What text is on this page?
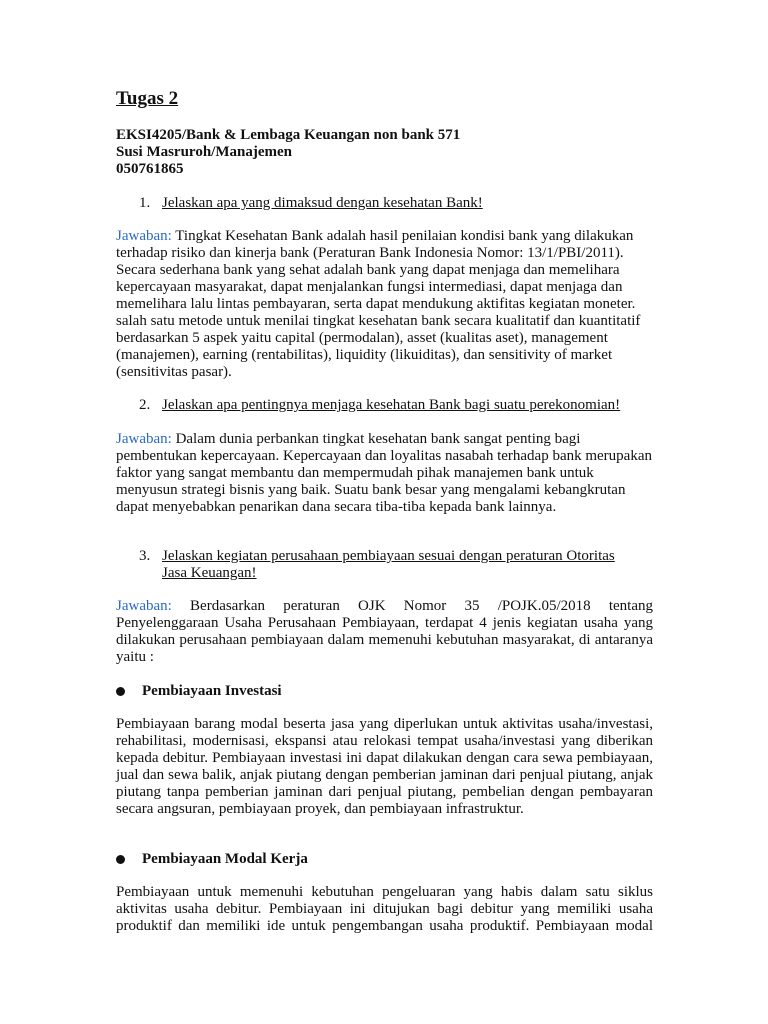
Tugas 2
EKSI4205/Bank & Lembaga Keuangan non bank 571
Susi Masruroh/Manajemen
050761865
1. Jelaskan apa yang dimaksud dengan kesehatan Bank!

Jawaban: Tingkat Kesehatan Bank adalah hasil penilaian kondisi bank yang dilakukan terhadap risiko dan kinerja bank (Peraturan Bank Indonesia Nomor: 13/1/PBI/2011). Secara sederhana bank yang sehat adalah bank yang dapat menjaga dan memelihara kepercayaan masyarakat, dapat menjalankan fungsi intermediasi, dapat menjaga dan memelihara lalu lintas pembayaran, serta dapat mendukung aktifitas kegiatan moneter. salah satu metode untuk menilai tingkat kesehatan bank secara kualitatif dan kuantitatif berdasarkan 5 aspek yaitu capital (permodalan), asset (kualitas aset), management (manajemen), earning (rentabilitas), liquidity (likuiditas), dan sensitivity of market (sensitivitas pasar).

2. Jelaskan apa pentingnya menjaga kesehatan Bank bagi suatu perekonomian!

Jawaban: Dalam dunia perbankan tingkat kesehatan bank sangat penting bagi pembentukan kepercayaan. Kepercayaan dan loyalitas nasabah terhadap bank merupakan faktor yang sangat membantu dan mempermudah pihak manajemen bank untuk menyusun strategi bisnis yang baik. Suatu bank besar yang mengalami kebangkrutan dapat menyebabkan penarikan dana secara tiba-tiba kepada bank lainnya.

3. Jelaskan kegiatan perusahaan pembiayaan sesuai dengan peraturan Otoritas Jasa Keuangan!

Jawaban: Berdasarkan peraturan OJK Nomor 35 /POJK.05/2018 tentang Penyelenggaraan Usaha Perusahaan Pembiayaan, terdapat 4 jenis kegiatan usaha yang dilakukan perusahaan pembiayaan dalam memenuhi kebutuhan masyarakat, di antaranya yaitu :

Pembiayaan Investasi

Pembiayaan barang modal beserta jasa yang diperlukan untuk aktivitas usaha/investasi, rehabilitasi, modernisasi, ekspansi atau relokasi tempat usaha/investasi yang diberikan kepada debitur. Pembiayaan investasi ini dapat dilakukan dengan cara sewa pembiayaan, jual dan sewa balik, anjak piutang dengan pemberian jaminan dari penjual piutang, anjak piutang tanpa pemberian jaminan dari penjual piutang, pembelian dengan pembayaran secara angsuran, pembiayaan proyek, dan pembiayaan infrastruktur.

Pembiayaan Modal Kerja

Pembiayaan untuk memenuhi kebutuhan pengeluaran yang habis dalam satu siklus aktivitas usaha debitur. Pembiayaan ini ditujukan bagi debitur yang memiliki usaha produktif dan memiliki ide untuk pengembangan usaha produktif. Pembiayaan modal
